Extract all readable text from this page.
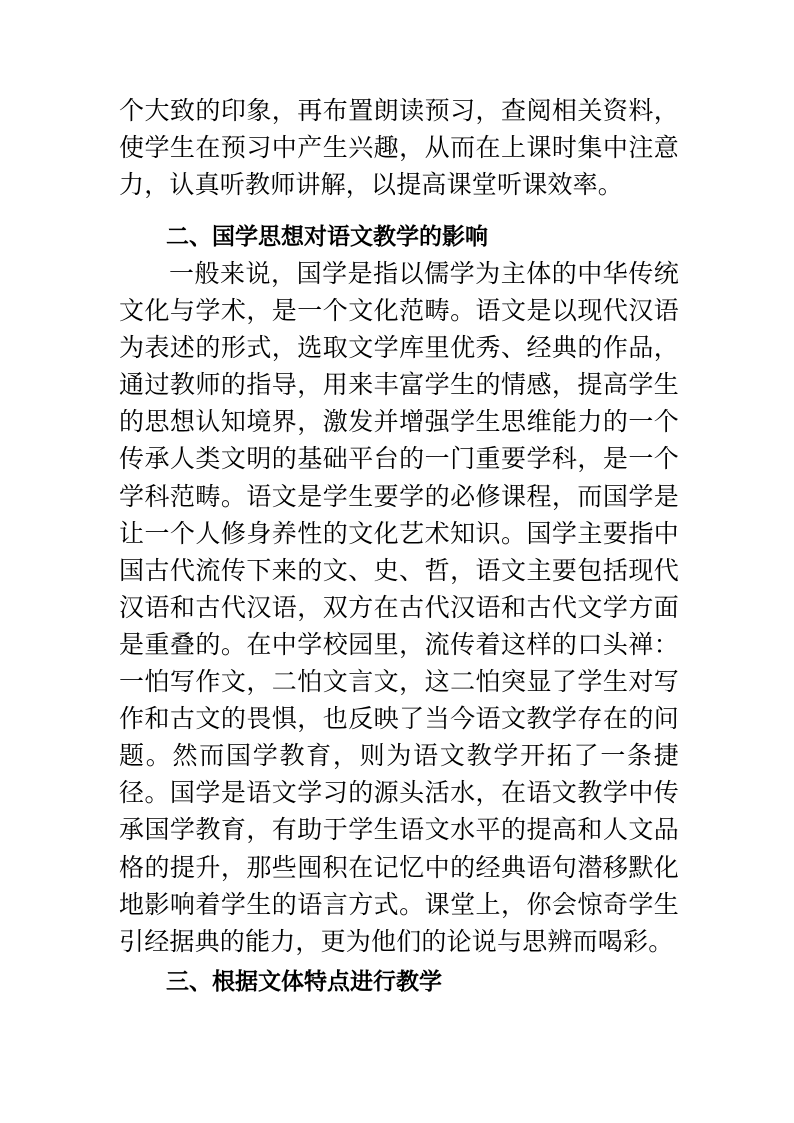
个大致的印象，再布置朗读预习，查阅相关资料，使学生在预习中产生兴趣，从而在上课时集中注意力，认真听教师讲解，以提高课堂听课效率。

二、国学思想对语文教学的影响

一般来说，国学是指以儒学为主体的中华传统文化与学术，是一个文化范畴。语文是以现代汉语为表述的形式，选取文学库里优秀、经典的作品，通过教师的指导，用来丰富学生的情感，提高学生的思想认知境界，激发并增强学生思维能力的一个传承人类文明的基础平台的一门重要学科，是一个学科范畴。语文是学生要学的必修课程，而国学是让一个人修身养性的文化艺术知识。国学主要指中国古代流传下来的文、史、哲，语文主要包括现代汉语和古代汉语，双方在古代汉语和古代文学方面是重叠的。在中学校园里，流传着这样的口头禅：一怕写作文，二怕文言文，这二怕突显了学生对写作和古文的畏惧，也反映了当今语文教学存在的问题。然而国学教育，则为语文教学开拓了一条捷径。国学是语文学习的源头活水，在语文教学中传承国学教育，有助于学生语文水平的提高和人文品格的提升，那些囤积在记忆中的经典语句潜移默化地影响着学生的语言方式。课堂上，你会惊奇学生引经据典的能力，更为他们的论说与思辨而喝彩。

三、根据文体特点进行教学
